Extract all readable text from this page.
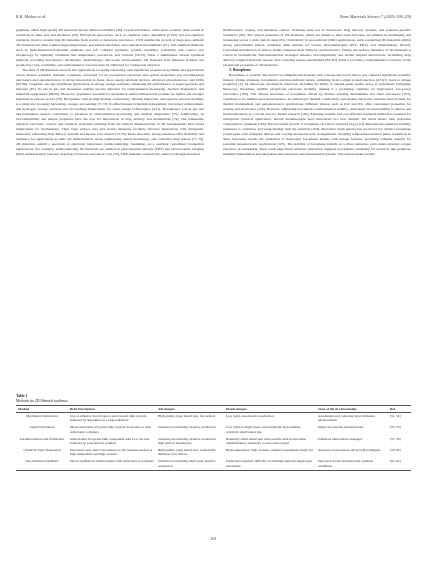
R.K. Mishra et al.	Nano Materials Science 7 (2025) 199–230

graphene, offers high-quality 2D materials but has limited scalability [49]. Liquid exfoliation, while more scalable, often results in variations in flake size and thickness [50]. Bottom-up approaches, such as chemical vapor deposition (CVD) and wet-chemical synthesis, involve constructing 2D materials from atomic or molecular precursors. CVD enables the growth of large-area, uniform 2D materials but often requires high temperatures, specialized substrates, and controlled environments [51]. Wet-chemical methods, such as hydrothermal/solvothermal synthesis and soft colloidal synthesis, provide versatility, scalability, and control over morphology by adjusting conditions like temperature, precursors, and solvents [52,53]. Table 1 summarizes various synthesis methods, providing descriptions, advantages, disadvantages, and recent advancements. 2D materials hold immense promise, but production costs, scalability, and environmental concerns must be addressed for widespread adoption.

The field of 2D materials research and applications is rapidly advancing, with significant progress in synthesis and applications across diverse scientific domains. Graphene, renowned for its exceptional electronic and optical properties, has revolutionized electronics and optoelectronics. It drives innovation in faster, more energy-efficient devices, advanced photodetectors, and LEDs [63–66]. Graphene also has significant applications in energy storage solutions, enhancing the performance of supercapacitors and batteries [67]. Its use in gas and biosensors enables precise detection for environmental monitoring, medical diagnostics, and industrial applications [68,69]. Moreover, graphene's potential for mechanical reinforcement holds promise for lighter and stronger materials in various sectors [70]. Borophene, with its high thermal conductivity, metallic behaviour, and superior electron mobility, is a rising star in energy harvesting, storage, and sensing [71,72]. Its effectiveness in thermal management, ion battery enhancement, and hydrogen storage solutions has far-reaching implications for clean energy technologies [4,71]. Borophene's role in gas and electrochemical sensors contributes to advances in environmental monitoring and medical diagnostics [73]. Additionally, its biocompatibility and unique properties pave the way for innovations in drug delivery and biomaterials [74]. The remarkable physical, electronic, optical, and chemical properties resulting from the reduced dimensionality of 2D nanomaterials have broad implications for biomedicine. Their large surface area and atomic thickness facilitate effective interactions with therapeutic molecules, enhancing drug delivery systems and nucleic acid carriers [75,76]. These ultra-thin, strong structures offer flexibility and resilience for applications in stem cell differentiation, tissue engineering, neural monitoring, and controlled drug release [77–79]. 2D materials exhibit a spectrum of electronic behaviours (semiconducting, insulating, etc.), enabling customized biomedical applications. For example, semiconducting 2D materials are utilized in photodynamic therapy (PDT) and photoacoustic imaging (PAI), demonstrating selective targeting of bacteria and cancer cells [79]. Their tuneable conductivity, achieved through structural

modifications, doping, and thickness control, facilitates their use in biosensors, drug delivery systems, and sequence-specific transistors [80]. The optical properties of 2D materials, which are linked to their band structure, are utilized in bioimaging and biosensing across a wide optical range [81]. Particularly in near-infrared (NIR) applications, semi-conducting 2D materials exhibit strong photothermal effects, rendering them suitable for various photothermapies (PTT, PDT), and chemotherapy [81,82]. Controlled introduction of defects further enhances their utility in optoelectronics. Finally, the surface chemistry of 2D materials is crucial in biomedicine. Functionalization strategies enhance biocompatibility and enable targeted interactions, facilitating drug delivery, targeted molecule release, and controlled release mechanisms [83–85]. Table 2 provides a comprehensive overview of the exceptional properties of 2D materials.

3. Borophene

Borophene, a recently discovered two-dimensional material with a hexagonal boron lattice, has captured significant scientific interest. Unlike graphene, borophene's electron-deficient nature, stemming from a single p-shell electron (2s²2p¹), leads to unique properties [4]. Its anisotropic mechanical behaviour, including the ability to expand under tensile stress, is particularly intriguing. Moreover, borophene exhibits exceptional electronic mobility, making it a promising candidate for high-speed, low-power electronics [100]. The diverse structures of borophene, driven by distinct bonding mechanisms and sheet precursors [101], contribute to its multifaceted characteristics. Its anisotropic thermal conductivity and distinct electronic structure hold promise for thermal management and nanoelectronics applications. Different phases, such as β12 and X3, offer customized properties for sensing and electronics [102]. However, addressing borophene's environmental stability, particularly its susceptibility to defects and functionalisation, is a crucial area for further research [103]. Ensuring scalable and cost-effective synthesis methods is essential for widespread practical application. Recent breakthroughs have introduced two new metallic 2D boron sheets with properties comparable to graphene [104]. The successful growth of borophene on a silver substrate (Ag (111)) demonstrates enhanced stability, resistance to oxidation, and weak binding with the substrate [104]. Molecular beam epitaxy has produced two distinct borophene polymorphs with triangular lattices and varying hexagonal hole arrangements. Studying temperature-induced phase transitions in these structures reveals the formation of monolayer borophene islands with unique features, providing valuable insights for potential nanoelectronic applications [105]. The stability of borophene islands on a silver substrate, even under elevated oxygen exposure, is remarkable. Their weak edge-based substrate interaction suggests borophene's suitability for isolation, like graphene, enabling manipulation and integration into electronic and nanomaterial systems. Theoretical studies predict

Table 1
Methods for 2D Material synthesis.
Method	Brief Description	Advantages	Disadvantages	State of the Art Knowledge	Ref.
Mechanical Exfoliation	Use of adhesive Scotch tape to peel layered bulk crystals, followed by deposition on a target substrate	High quality, large lateral size, few defects	Low yield, non-massive production	Automation and controlled layer thickness advancements	[52, 54]
Liquid Exfoliation	Direct sonication of layered bulk crystals in solvents or with surfactants/ polymers	Solution processibility, massive production	Low yield of single layers, uncontrollable layer number, relatively small lateral size	Improved solvents and surfactants	[55, 56]
Ion-Intercalation and Exfoliation	Intercalation of layered bulk compounds with Li or Na ions followed by sonication in solution	Solution processibility, massive production, high yield of monolayers	Relatively small lateral size with possible defects and phase transformation, sensitivity to water and oxygen	Enhanced intercalation strategies	[57, 58]
Chemical Vapor Deposition	Precursors react and/or decompose on the substrate surface at high temperature and high vacuum	High quality, large lateral size, controllable thickness, few defects	High temperature, high vacuum, complex experiments, high cost	Advances in precursors and growth techniques	[59, 60]
Wet-Chemical Synthesis	Direct synthesis in solution phase with surfactants or polymers	Solution processibility, high yield, massive production	Surfactants required, difficulty in obtaining uniform single-layer nanosheets	Tailored solvents and improved synthetic conditions	[61, 62]
201
